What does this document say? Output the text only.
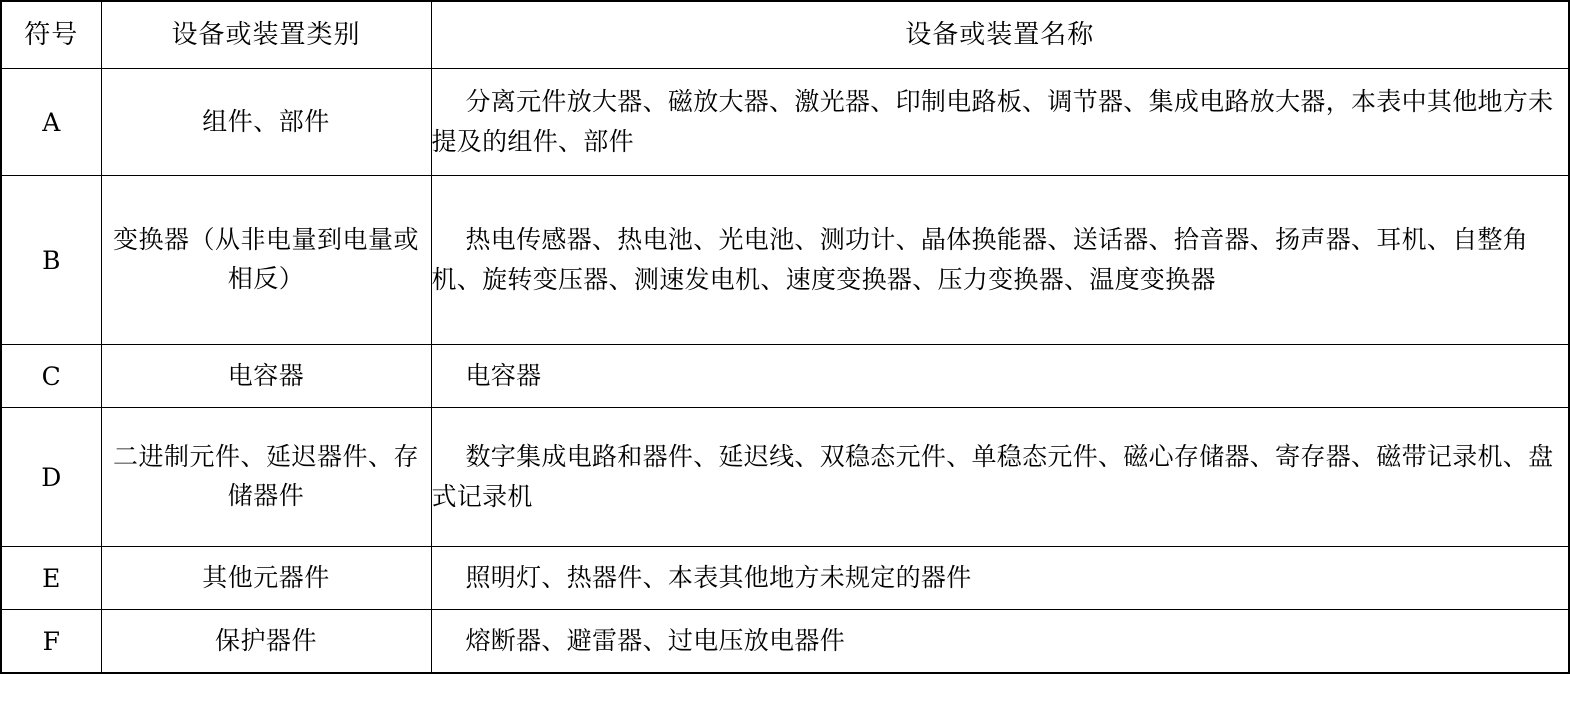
符号	设备或装置类别	设备或装置名称
A	组件、部件	分离元件放大器、磁放大器、激光器、印制电路板、调节器、集成电路放大器，本表中其他地方未提及的组件、部件
B	变换器（从非电量到电量或相反）	热电传感器、热电池、光电池、测功计、晶体换能器、送话器、拾音器、扬声器、耳机、自整角机、旋转变压器、测速发电机、速度变换器、压力变换器、温度变换器
C	电容器	电容器
D	二进制元件、延迟器件、存储器件	数字集成电路和器件、延迟线、双稳态元件、单稳态元件、磁心存储器、寄存器、磁带记录机、盘式记录机
E	其他元器件	照明灯、热器件、本表其他地方未规定的器件
F	保护器件	熔断器、避雷器、过电压放电器件
